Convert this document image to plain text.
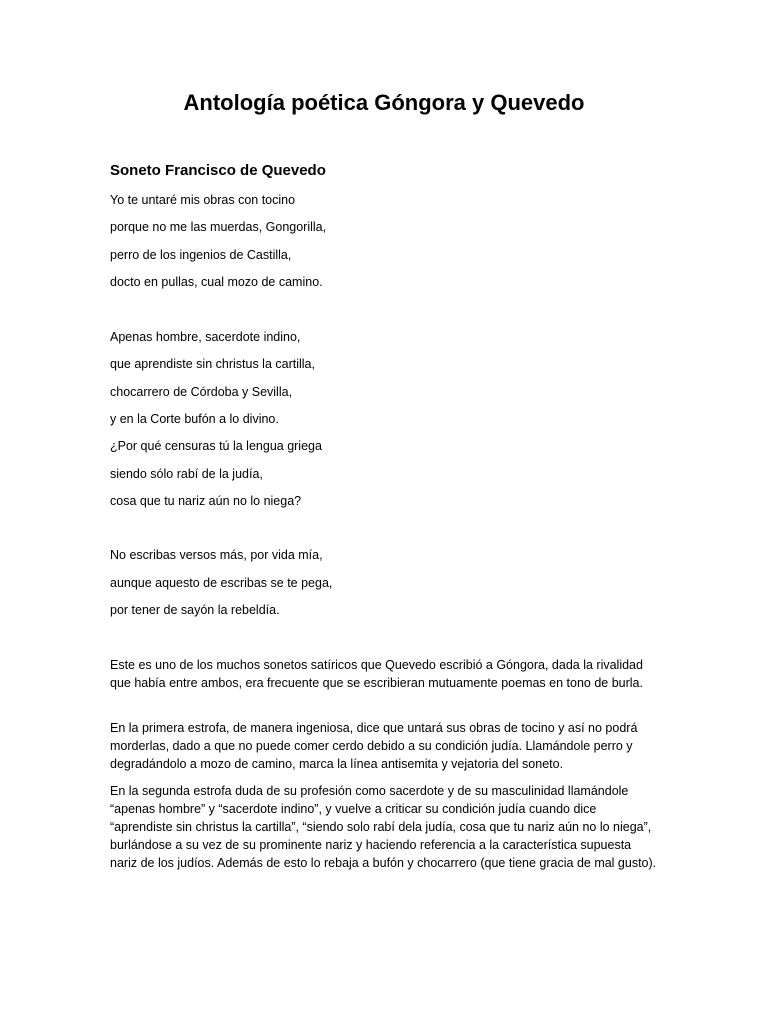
Antología poética Góngora y Quevedo
Soneto Francisco de Quevedo

Yo te untaré mis obras con tocino

porque no me las muerdas, Gongorilla,

perro de los ingenios de Castilla,

docto en pullas, cual mozo de camino.

Apenas hombre, sacerdote indino,

que aprendiste sin christus la cartilla,

chocarrero de Córdoba y Sevilla,

y en la Corte bufón a lo divino.

¿Por qué censuras tú la lengua griega

siendo sólo rabí de la judía,

cosa que tu nariz aún no lo niega?

No escribas versos más, por vida mía,

aunque aquesto de escribas se te pega,

por tener de sayón la rebeldía.

Este es uno de los muchos sonetos satíricos que Quevedo escribió a Góngora, dada la rivalidad que había entre ambos, era frecuente que se escribieran mutuamente poemas en tono de burla.

En la primera estrofa, de manera ingeniosa, dice que untará sus obras de tocino y así no podrá morderlas, dado a que no puede comer cerdo debido a su condición judía. Llamándole perro y degradándolo a mozo de camino, marca la línea antisemita y vejatoria del soneto.

En la segunda estrofa duda de su profesión como sacerdote y de su masculinidad llamándole “apenas hombre” y “sacerdote indino”, y vuelve a criticar su condición judía cuando dice “aprendiste sin christus la cartilla”, “siendo solo rabí dela judía, cosa que tu nariz aún no lo niega”, burlándose a su vez de su prominente nariz y haciendo referencia a la característica supuesta nariz de los judíos. Además de esto lo rebaja a bufón y chocarrero (que tiene gracia de mal gusto).
